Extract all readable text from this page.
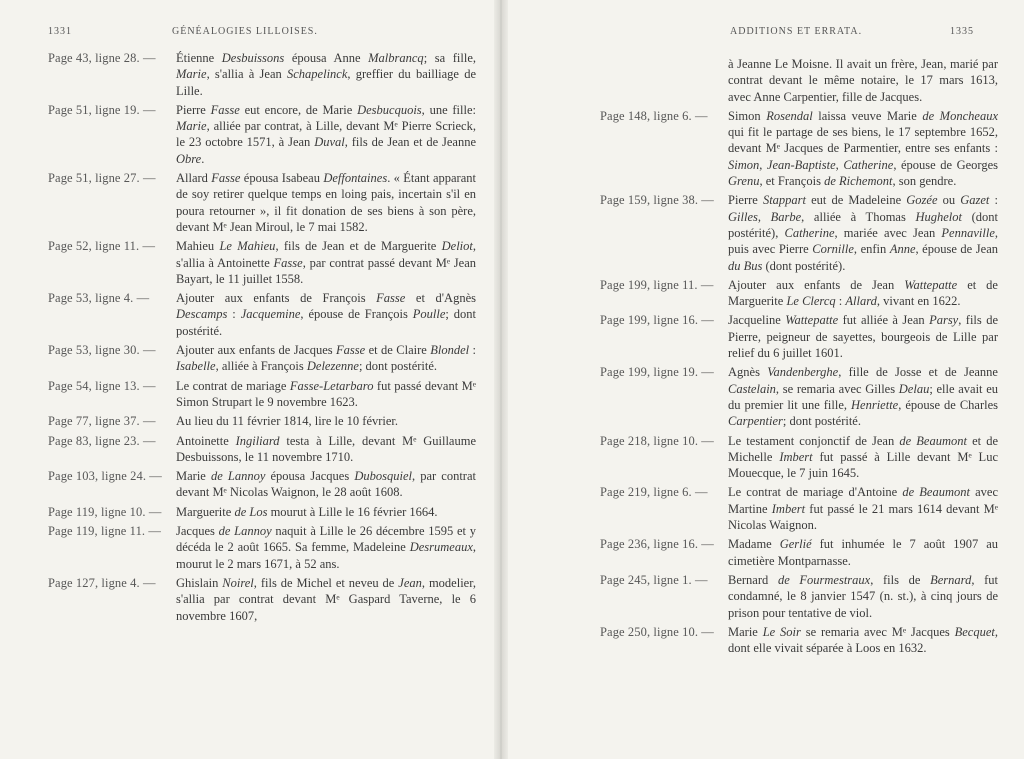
1331	GÉNÉALOGIES LILLOISES.
Page 43, ligne 28. —	Étienne Desbuissons épousa Anne Malbrancq; sa fille, Marie, s'allia à Jean Schapelinck, greffier du bailliage de Lille.
Page 51, ligne 19. —	Pierre Fasse eut encore, de Marie Desbucquois, une fille: Marie, alliée par contrat, à Lille, devant Mᵉ Pierre Scrieck, le 23 octobre 1571, à Jean Duval, fils de Jean et de Jeanne Obre.
Page 51, ligne 27. —	Allard Fasse épousa Isabeau Deffontaines. « Étant apparant de soy retirer quelque temps en loing pais, incertain s'il en poura retourner », il fit donation de ses biens à son père, devant Mᵉ Jean Miroul, le 7 mai 1582.
Page 52, ligne 11. —	Mahieu Le Mahieu, fils de Jean et de Marguerite Deliot, s'allia à Antoinette Fasse, par contrat passé devant Mᵉ Jean Bayart, le 11 juillet 1558.
Page 53, ligne 4. —	Ajouter aux enfants de François Fasse et d'Agnès Descamps : Jacquemine, épouse de François Poulle; dont postérité.
Page 53, ligne 30. —	Ajouter aux enfants de Jacques Fasse et de Claire Blondel : Isabelle, alliée à François Delezenne; dont postérité.
Page 54, ligne 13. —	Le contrat de mariage Fasse-Letarbaro fut passé devant Mᵉ Simon Strupart le 9 novembre 1623.
Page 77, ligne 37. —	Au lieu du 11 février 1814, lire le 10 février.
Page 83, ligne 23. —	Antoinette Ingiliard testa à Lille, devant Mᵉ Guillaume Desbuissons, le 11 novembre 1710.
Page 103, ligne 24. —	Marie de Lannoy épousa Jacques Dubosquiel, par contrat devant Mᵉ Nicolas Waignon, le 28 août 1608.
Page 119, ligne 10. —	Marguerite de Los mourut à Lille le 16 février 1664.
Page 119, ligne 11. —	Jacques de Lannoy naquit à Lille le 26 décembre 1595 et y décéda le 2 août 1665. Sa femme, Madeleine Desrumeaux, mourut le 2 mars 1671, à 52 ans.
Page 127, ligne 4. —	Ghislain Noirel, fils de Michel et neveu de Jean, modelier, s'allia par contrat devant Mᵉ Gaspard Taverne, le 6 novembre 1607,
ADDITIONS ET ERRATA.	1335
à Jeanne Le Moisne. Il avait un frère, Jean, marié par contrat devant le même notaire, le 17 mars 1613, avec Anne Carpentier, fille de Jacques.
Page 148, ligne 6. —	Simon Rosendal laissa veuve Marie de Moncheaux qui fit le partage de ses biens, le 17 septembre 1652, devant Mᵉ Jacques de Parmentier, entre ses enfants : Simon, Jean-Baptiste, Catherine, épouse de Georges Grenu, et François de Richemont, son gendre.
Page 159, ligne 38. —	Pierre Stappart eut de Madeleine Gozée ou Gazet : Gilles, Barbe, alliée à Thomas Hughelot (dont postérité), Catherine, mariée avec Jean Pennaville, puis avec Pierre Cornille, enfin Anne, épouse de Jean du Bus (dont postérité).
Page 199, ligne 11. —	Ajouter aux enfants de Jean Wattepatte et de Marguerite Le Clercq : Allard, vivant en 1622.
Page 199, ligne 16. —	Jacqueline Wattepatte fut alliée à Jean Parsy, fils de Pierre, peigneur de sayettes, bourgeois de Lille par relief du 6 juillet 1601.
Page 199, ligne 19. —	Agnès Vandenberghe, fille de Josse et de Jeanne Castelain, se remaria avec Gilles Delau; elle avait eu du premier lit une fille, Henriette, épouse de Charles Carpentier; dont postérité.
Page 218, ligne 10. —	Le testament conjonctif de Jean de Beaumont et de Michelle Imbert fut passé à Lille devant Mᵉ Luc Mouecque, le 7 juin 1645.
Page 219, ligne 6. —	Le contrat de mariage d'Antoine de Beaumont avec Martine Imbert fut passé le 21 mars 1614 devant Mᵉ Nicolas Waignon.
Page 236, ligne 16. —	Madame Gerlié fut inhumée le 7 août 1907 au cimetière Montparnasse.
Page 245, ligne 1. —	Bernard de Fourmestraux, fils de Bernard, fut condamné, le 8 janvier 1547 (n. st.), à cinq jours de prison pour tentative de viol.
Page 250, ligne 10. —	Marie Le Soir se remaria avec Mᵉ Jacques Becquet, dont elle vivait séparée à Loos en 1632.
